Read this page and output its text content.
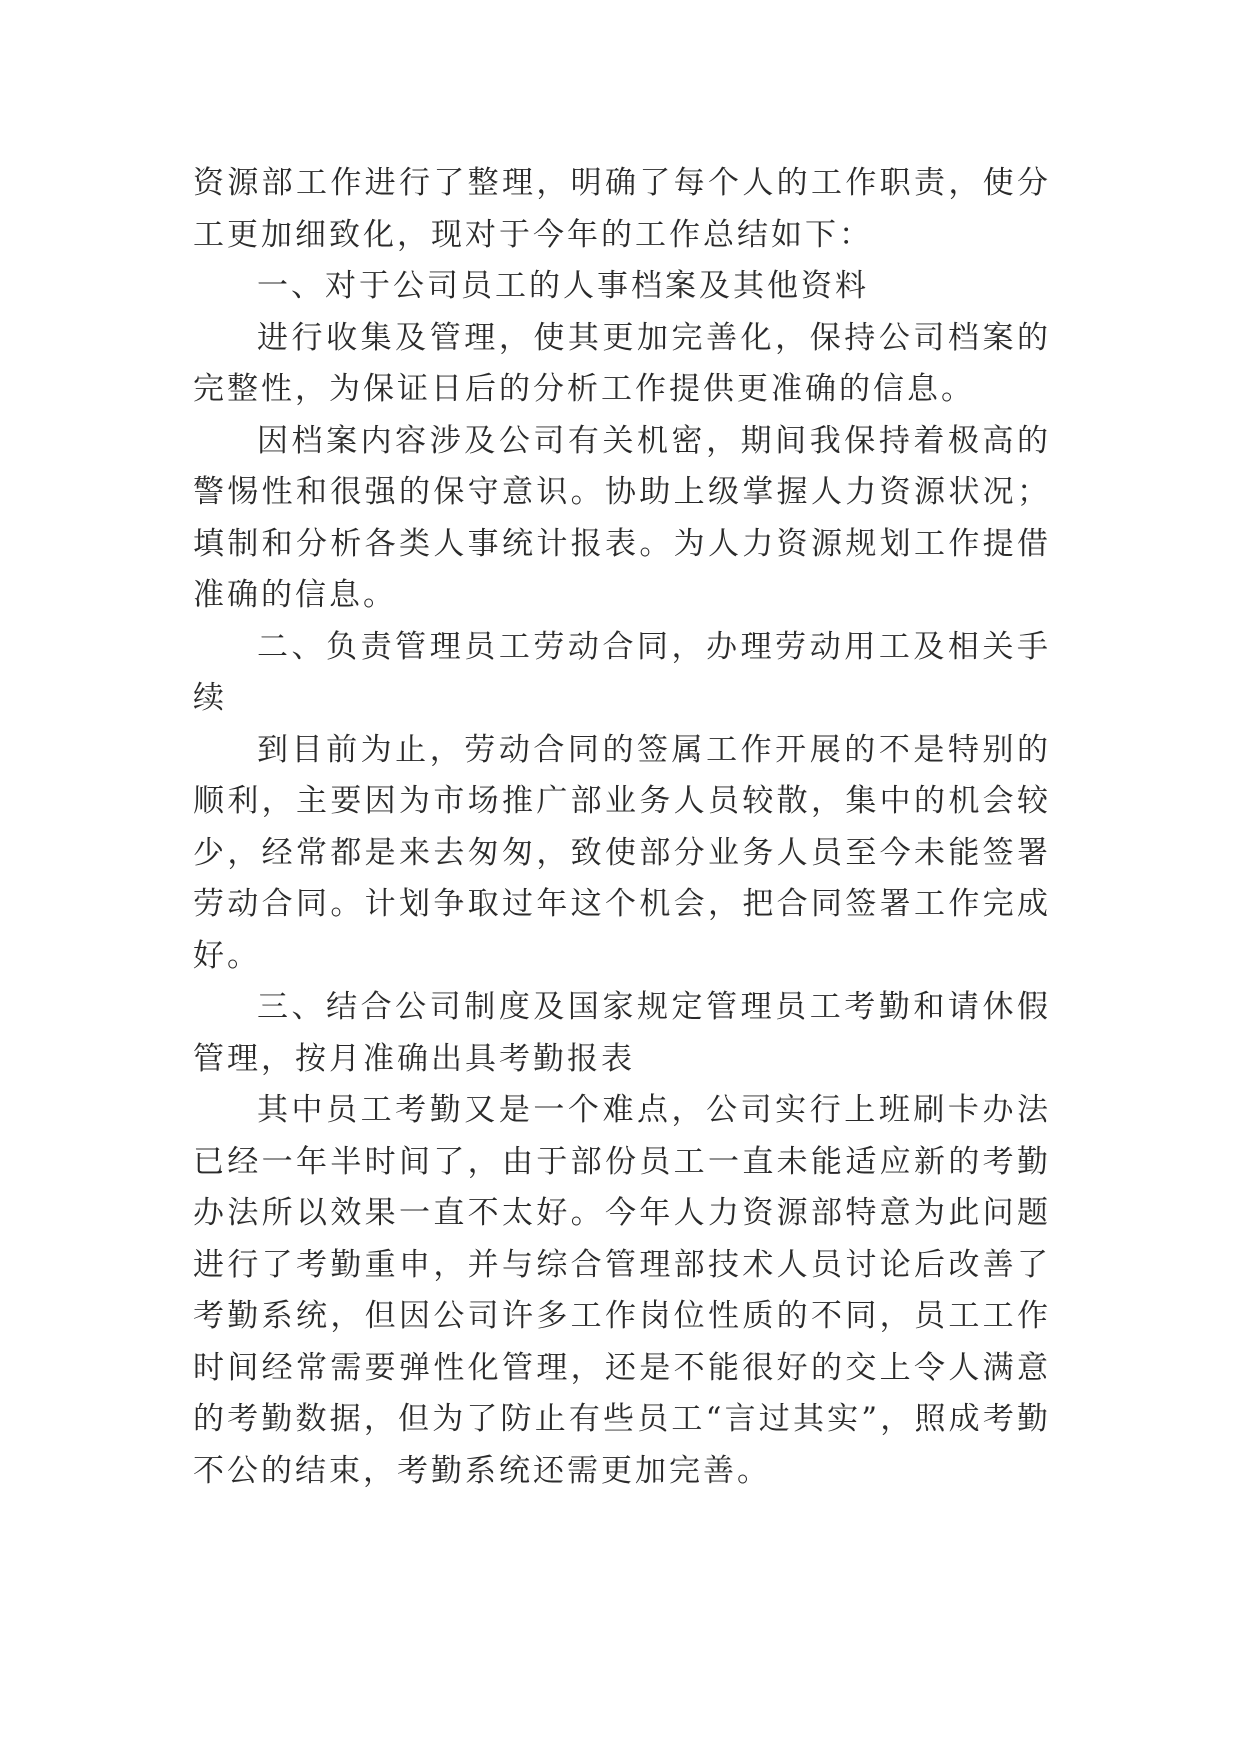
资源部工作进行了整理，明确了每个人的工作职责，使分工更加细致化，现对于今年的工作总结如下：

一、对于公司员工的人事档案及其他资料

进行收集及管理，使其更加完善化，保持公司档案的完整性，为保证日后的分析工作提供更准确的信息。

因档案内容涉及公司有关机密，期间我保持着极高的警惕性和很强的保守意识。协助上级掌握人力资源状况；填制和分析各类人事统计报表。为人力资源规划工作提借准确的信息。

二、负责管理员工劳动合同，办理劳动用工及相关手续

到目前为止，劳动合同的签属工作开展的不是特别的顺利，主要因为市场推广部业务人员较散，集中的机会较少，经常都是来去匆匆，致使部分业务人员至今未能签署劳动合同。计划争取过年这个机会，把合同签署工作完成好。

三、结合公司制度及国家规定管理员工考勤和请休假管理，按月准确出具考勤报表

其中员工考勤又是一个难点，公司实行上班刷卡办法已经一年半时间了，由于部份员工一直未能适应新的考勤办法所以效果一直不太好。今年人力资源部特意为此问题进行了考勤重申，并与综合管理部技术人员讨论后改善了考勤系统，但因公司许多工作岗位性质的不同，员工工作时间经常需要弹性化管理，还是不能很好的交上令人满意的考勤数据，但为了防止有些员工“言过其实”，照成考勤不公的结束，考勤系统还需更加完善。
